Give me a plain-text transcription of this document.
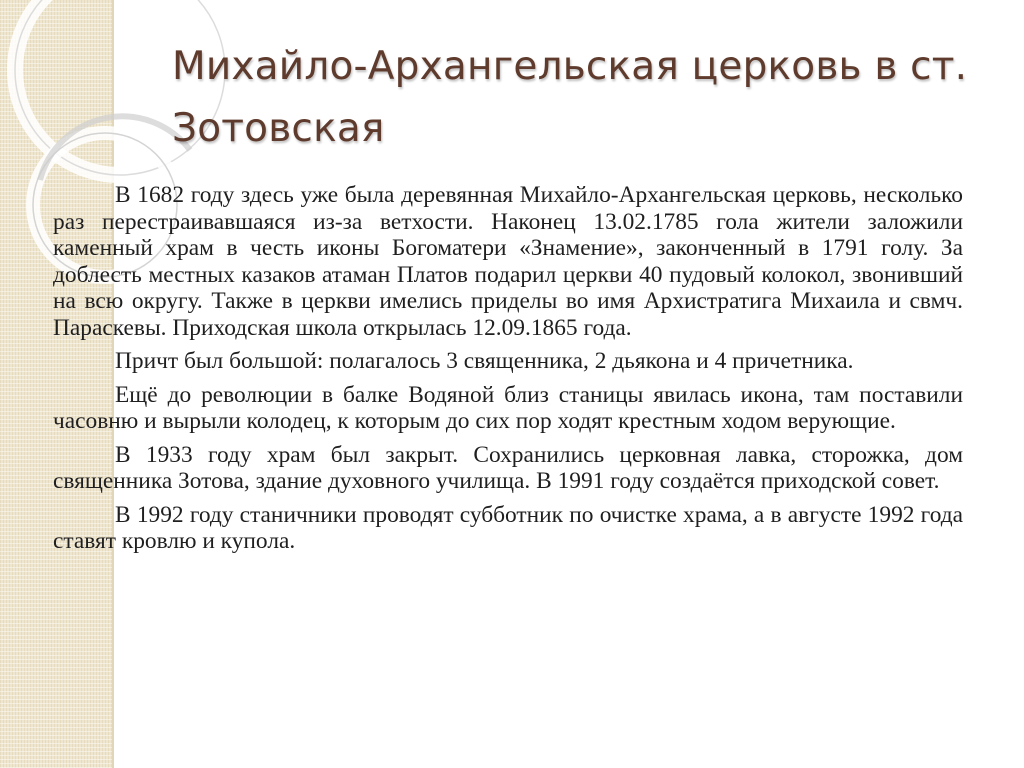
Михайло-Архангельская церковь в ст. Зотовская

В 1682 году здесь уже была деревянная Михайло-Архангельская церковь, несколько раз перестраивавшаяся из-за ветхости. Наконец 13.02.1785 гола жители заложили каменный храм в честь иконы Богоматери «Знамение», законченный в 1791 голу. За доблесть местных казаков атаман Платов подарил церкви 40 пудовый колокол, звонивший на всю округу. Также в церкви имелись приделы во имя Архистратига Михаила и свмч. Параскевы. Приходская школа открылась 12.09.1865 года.

Причт был большой: полагалось 3 священника, 2 дьякона и 4 причетника.

Ещё до революции в балке Водяной близ станицы явилась икона, там поставили часовню и вырыли колодец, к которым до сих пор ходят крестным ходом верующие.

В 1933 году храм был закрыт. Сохранились церковная лавка, сторожка, дом священника Зотова, здание духовного училища. В 1991 году создаётся приходской совет.

В 1992 году станичники проводят субботник по очистке храма, а в августе 1992 года ставят кровлю и купола.
